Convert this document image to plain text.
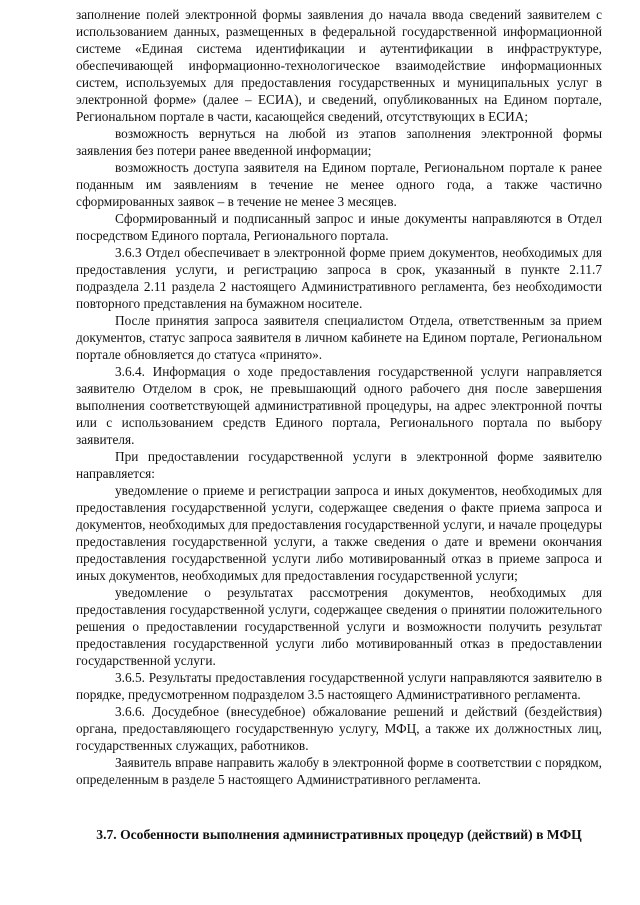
заполнение полей электронной формы заявления до начала ввода сведений заявителем с использованием данных, размещенных в федеральной государственной информационной системе «Единая система идентификации и аутентификации в инфраструктуре, обеспечивающей информационно-технологическое взаимодействие информационных систем, используемых для предоставления государственных и муниципальных услуг в электронной форме» (далее – ЕСИА), и сведений, опубликованных на Едином портале, Региональном портале в части, касающейся сведений, отсутствующих в ЕСИА;

возможность вернуться на любой из этапов заполнения электронной формы заявления без потери ранее введенной информации;

возможность доступа заявителя на Едином портале, Региональном портале к ранее поданным им заявлениям в течение не менее одного года, а также частично сформированных заявок – в течение не менее 3 месяцев.

Сформированный и подписанный запрос и иные документы направляются в Отдел посредством Единого портала, Регионального портала.

3.6.3 Отдел обеспечивает в электронной форме прием документов, необходимых для предоставления услуги, и регистрацию запроса в срок, указанный в пункте 2.11.7 подраздела 2.11 раздела 2 настоящего Административного регламента, без необходимости повторного представления на бумажном носителе.

После принятия запроса заявителя специалистом Отдела, ответственным за прием документов, статус запроса заявителя в личном кабинете на Едином портале, Региональном портале обновляется до статуса «принято».

3.6.4. Информация о ходе предоставления государственной услуги направляется заявителю Отделом в срок, не превышающий одного рабочего дня после завершения выполнения соответствующей административной процедуры, на адрес электронной почты или с использованием средств Единого портала, Регионального портала по выбору заявителя.

При предоставлении государственной услуги в электронной форме заявителю направляется:

уведомление о приеме и регистрации запроса и иных документов, необходимых для предоставления государственной услуги, содержащее сведения о факте приема запроса и документов, необходимых для предоставления государственной услуги, и начале процедуры предоставления государственной услуги, а также сведения о дате и времени окончания предоставления государственной услуги либо мотивированный отказ в приеме запроса и иных документов, необходимых для предоставления государственной услуги;

уведомление о результатах рассмотрения документов, необходимых для предоставления государственной услуги, содержащее сведения о принятии положительного решения о предоставлении государственной услуги и возможности получить результат предоставления государственной услуги либо мотивированный отказ в предоставлении государственной услуги.

3.6.5. Результаты предоставления государственной услуги направляются заявителю в порядке, предусмотренном подразделом 3.5 настоящего Административного регламента.

3.6.6. Досудебное (внесудебное) обжалование решений и действий (бездействия) органа, предоставляющего государственную услугу, МФЦ, а также их должностных лиц, государственных служащих, работников.

Заявитель вправе направить жалобу в электронной форме в соответствии с порядком, определенным в разделе 5 настоящего Административного регламента.

3.7. Особенности выполнения административных процедур (действий) в МФЦ
